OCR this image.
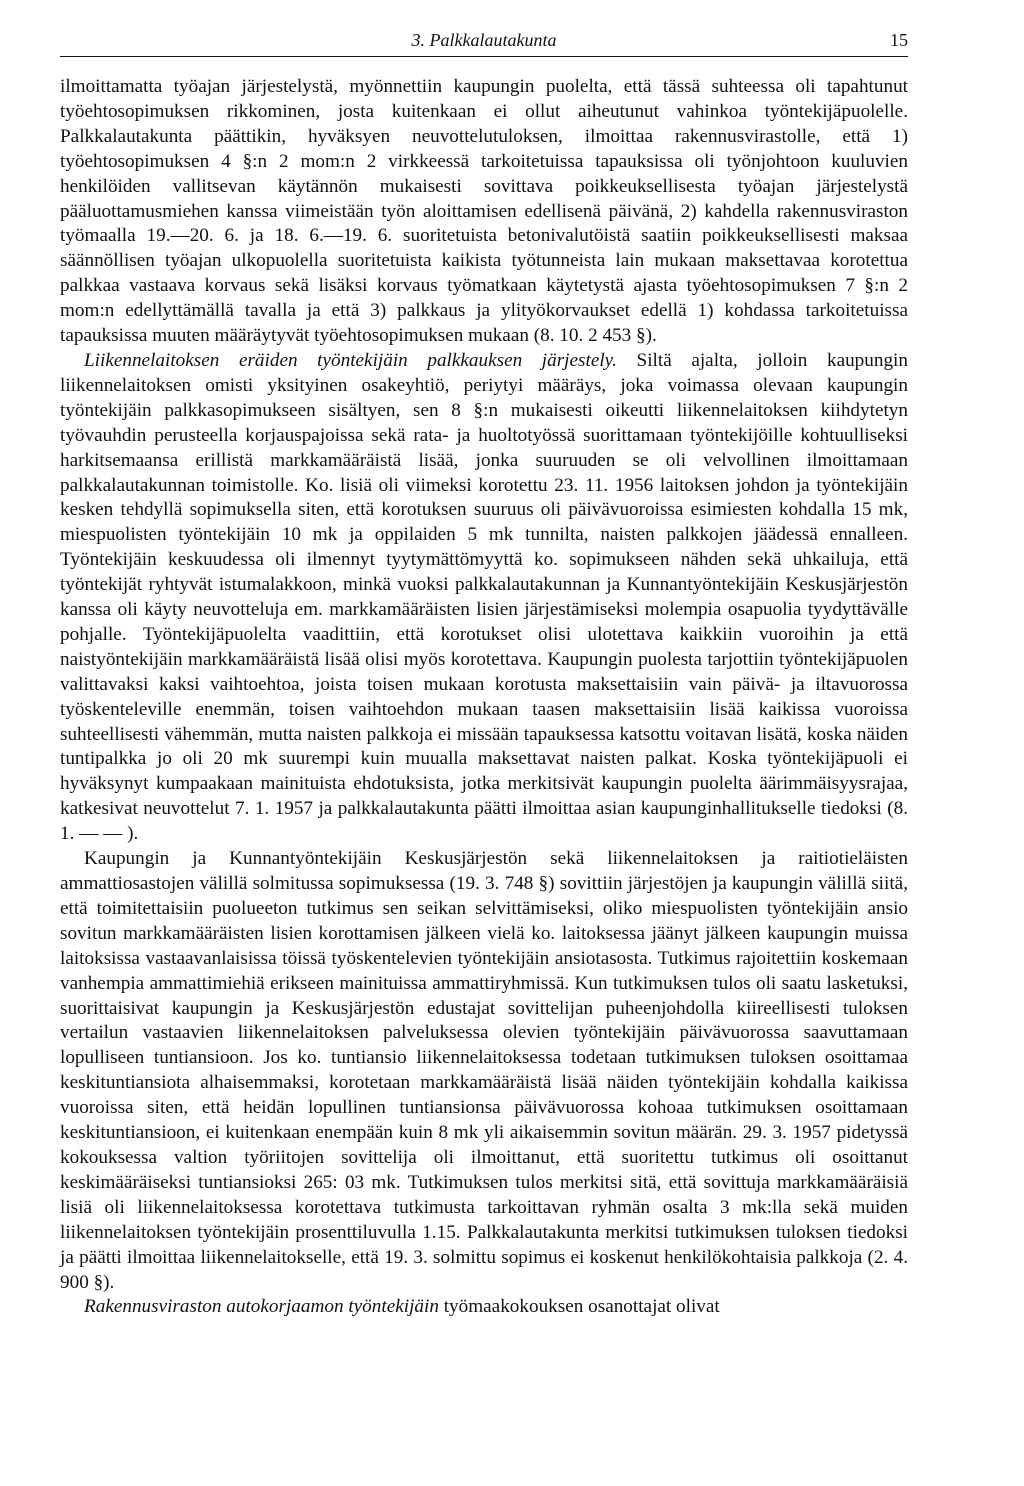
3. Palkkalautakunta	15

ilmoittamatta työajan järjestelystä, myönnettiin kaupungin puolelta, että tässä suhteessa oli tapahtunut työehtosopimuksen rikkominen, josta kuitenkaan ei ollut aiheutunut vahinkoa työntekijäpuolelle. Palkkalautakunta päättikin, hyväksyen neuvottelutuloksen, ilmoittaa rakennusvirastolle, että 1) työehtosopimuksen 4 §:n 2 mom:n 2 virkkeessä tarkoitetuissa tapauksissa oli työnjohtoon kuuluvien henkilöiden vallitsevan käytännön mukaisesti sovittava poikkeuksellisesta työajan järjestelystä pääluottamusmiehen kanssa viimeistään työn aloittamisen edellisenä päivänä, 2) kahdella rakennusviraston työmaalla 19.—20. 6. ja 18. 6.—19. 6. suoritetuista betonivalutöistä saatiin poikkeuksellisesti maksaa säännöllisen työajan ulkopuolella suoritetuista kaikista työtunneista lain mukaan maksettavaa korotettua palkkaa vastaava korvaus sekä lisäksi korvaus työmatkaan käytetystä ajasta työehtosopimuksen 7 §:n 2 mom:n edellyttämällä tavalla ja että 3) palkkaus ja ylityökorvaukset edellä 1) kohdassa tarkoitetuissa tapauksissa muuten määräytyvät työehtosopimuksen mukaan (8. 10. 2 453 §).

Liikennelaitoksen eräiden työntekijäin palkkauksen järjestely. Siltä ajalta, jolloin kaupungin liikennelaitoksen omisti yksityinen osakeyhtiö, periytyi määräys, joka voimassa olevaan kaupungin työntekijäin palkkasopimukseen sisältyen, sen 8 §:n mukaisesti oikeutti liikennelaitoksen kiihdytetyn työvauhdin perusteella korjauspajoissa sekä rata- ja huoltotyössä suorittamaan työntekijöille kohtuulliseksi harkitsemaansa erillistä markkamääräistä lisää, jonka suuruuden se oli velvollinen ilmoittamaan palkkalautakunnan toimistolle. Ko. lisiä oli viimeksi korotettu 23. 11. 1956 laitoksen johdon ja työntekijäin kesken tehdyllä sopimuksella siten, että korotuksen suuruus oli päivävuoroissa esimiesten kohdalla 15 mk, miespuolisten työntekijäin 10 mk ja oppilaiden 5 mk tunnilta, naisten palkkojen jäädessä ennalleen. Työntekijäin keskuudessa oli ilmennyt tyytymättömyyttä ko. sopimukseen nähden sekä uhkailuja, että työntekijät ryhtyvät istumalakkoon, minkä vuoksi palkkalautakunnan ja Kunnantyöntekijäin Keskusjärjestön kanssa oli käyty neuvotteluja em. markkamääräisten lisien järjestämiseksi molempia osapuolia tyydyttävälle pohjalle. Työntekijäpuolelta vaadittiin, että korotukset olisi ulotettava kaikkiin vuoroihin ja että naistyöntekijäin markkamääräistä lisää olisi myös korotettava. Kaupungin puolesta tarjottiin työntekijäpuolen valittavaksi kaksi vaihtoehtoa, joista toisen mukaan korotusta maksettaisiin vain päivä- ja iltavuorossa työskenteleville enemmän, toisen vaihtoehdon mukaan taasen maksettaisiin lisää kaikissa vuoroissa suhteellisesti vähemmän, mutta naisten palkkoja ei missään tapauksessa katsottu voitavan lisätä, koska näiden tuntipalkka jo oli 20 mk suurempi kuin muualla maksettavat naisten palkat. Koska työntekijäpuoli ei hyväksynyt kumpaakaan mainituista ehdotuksista, jotka merkitsivät kaupungin puolelta äärimmäisyysrajaa, katkesivat neuvottelut 7. 1. 1957 ja palkkalautakunta päätti ilmoittaa asian kaupunginhallitukselle tiedoksi (8. 1. — — ).

Kaupungin ja Kunnantyöntekijäin Keskusjärjestön sekä liikennelaitoksen ja raitiotieläisten ammattiosastojen välillä solmitussa sopimuksessa (19. 3. 748 §) sovittiin järjestöjen ja kaupungin välillä siitä, että toimitettaisiin puolueeton tutkimus sen seikan selvittämiseksi, oliko miespuolisten työntekijäin ansio sovitun markkamääräisten lisien korottamisen jälkeen vielä ko. laitoksessa jäänyt jälkeen kaupungin muissa laitoksissa vastaavanlaisissa töissä työskentelevien työntekijäin ansiotasosta. Tutkimus rajoitettiin koskemaan vanhempia ammattimiehiä erikseen mainituissa ammattiryhmissä. Kun tutkimuksen tulos oli saatu lasketuksi, suorittaisivat kaupungin ja Keskusjärjestön edustajat sovittelijan puheenjohdolla kiireellisesti tuloksen vertailun vastaavien liikennelaitoksen palveluksessa olevien työntekijäin päivävuorossa saavuttamaan lopulliseen tuntiansioon. Jos ko. tuntiansio liikennelaitoksessa todetaan tutkimuksen tuloksen osoittamaa keskituntiansiota alhaisemmaksi, korotetaan markkamääräistä lisää näiden työntekijäin kohdalla kaikissa vuoroissa siten, että heidän lopullinen tuntiansionsa päivävuorossa kohoaa tutkimuksen osoittamaan keskituntiansioon, ei kuitenkaan enempään kuin 8 mk yli aikaisemmin sovitun määrän. 29. 3. 1957 pidetyssä kokouksessa valtion työriitojen sovittelija oli ilmoittanut, että suoritettu tutkimus oli osoittanut keskimääräiseksi tuntiansioksi 265: 03 mk. Tutkimuksen tulos merkitsi sitä, että sovittuja markkamääräisiä lisiä oli liikennelaitoksessa korotettava tutkimusta tarkoittavan ryhmän osalta 3 mk:lla sekä muiden liikennelaitoksen työntekijäin prosenttiluvulla 1.15. Palkkalautakunta merkitsi tutkimuksen tuloksen tiedoksi ja päätti ilmoittaa liikennelaitokselle, että 19. 3. solmittu sopimus ei koskenut henkilökohtaisia palkkoja (2. 4. 900 §).

Rakennusviraston autokorjaamon työntekijäin työmaakokouksen osanottajat olivat
